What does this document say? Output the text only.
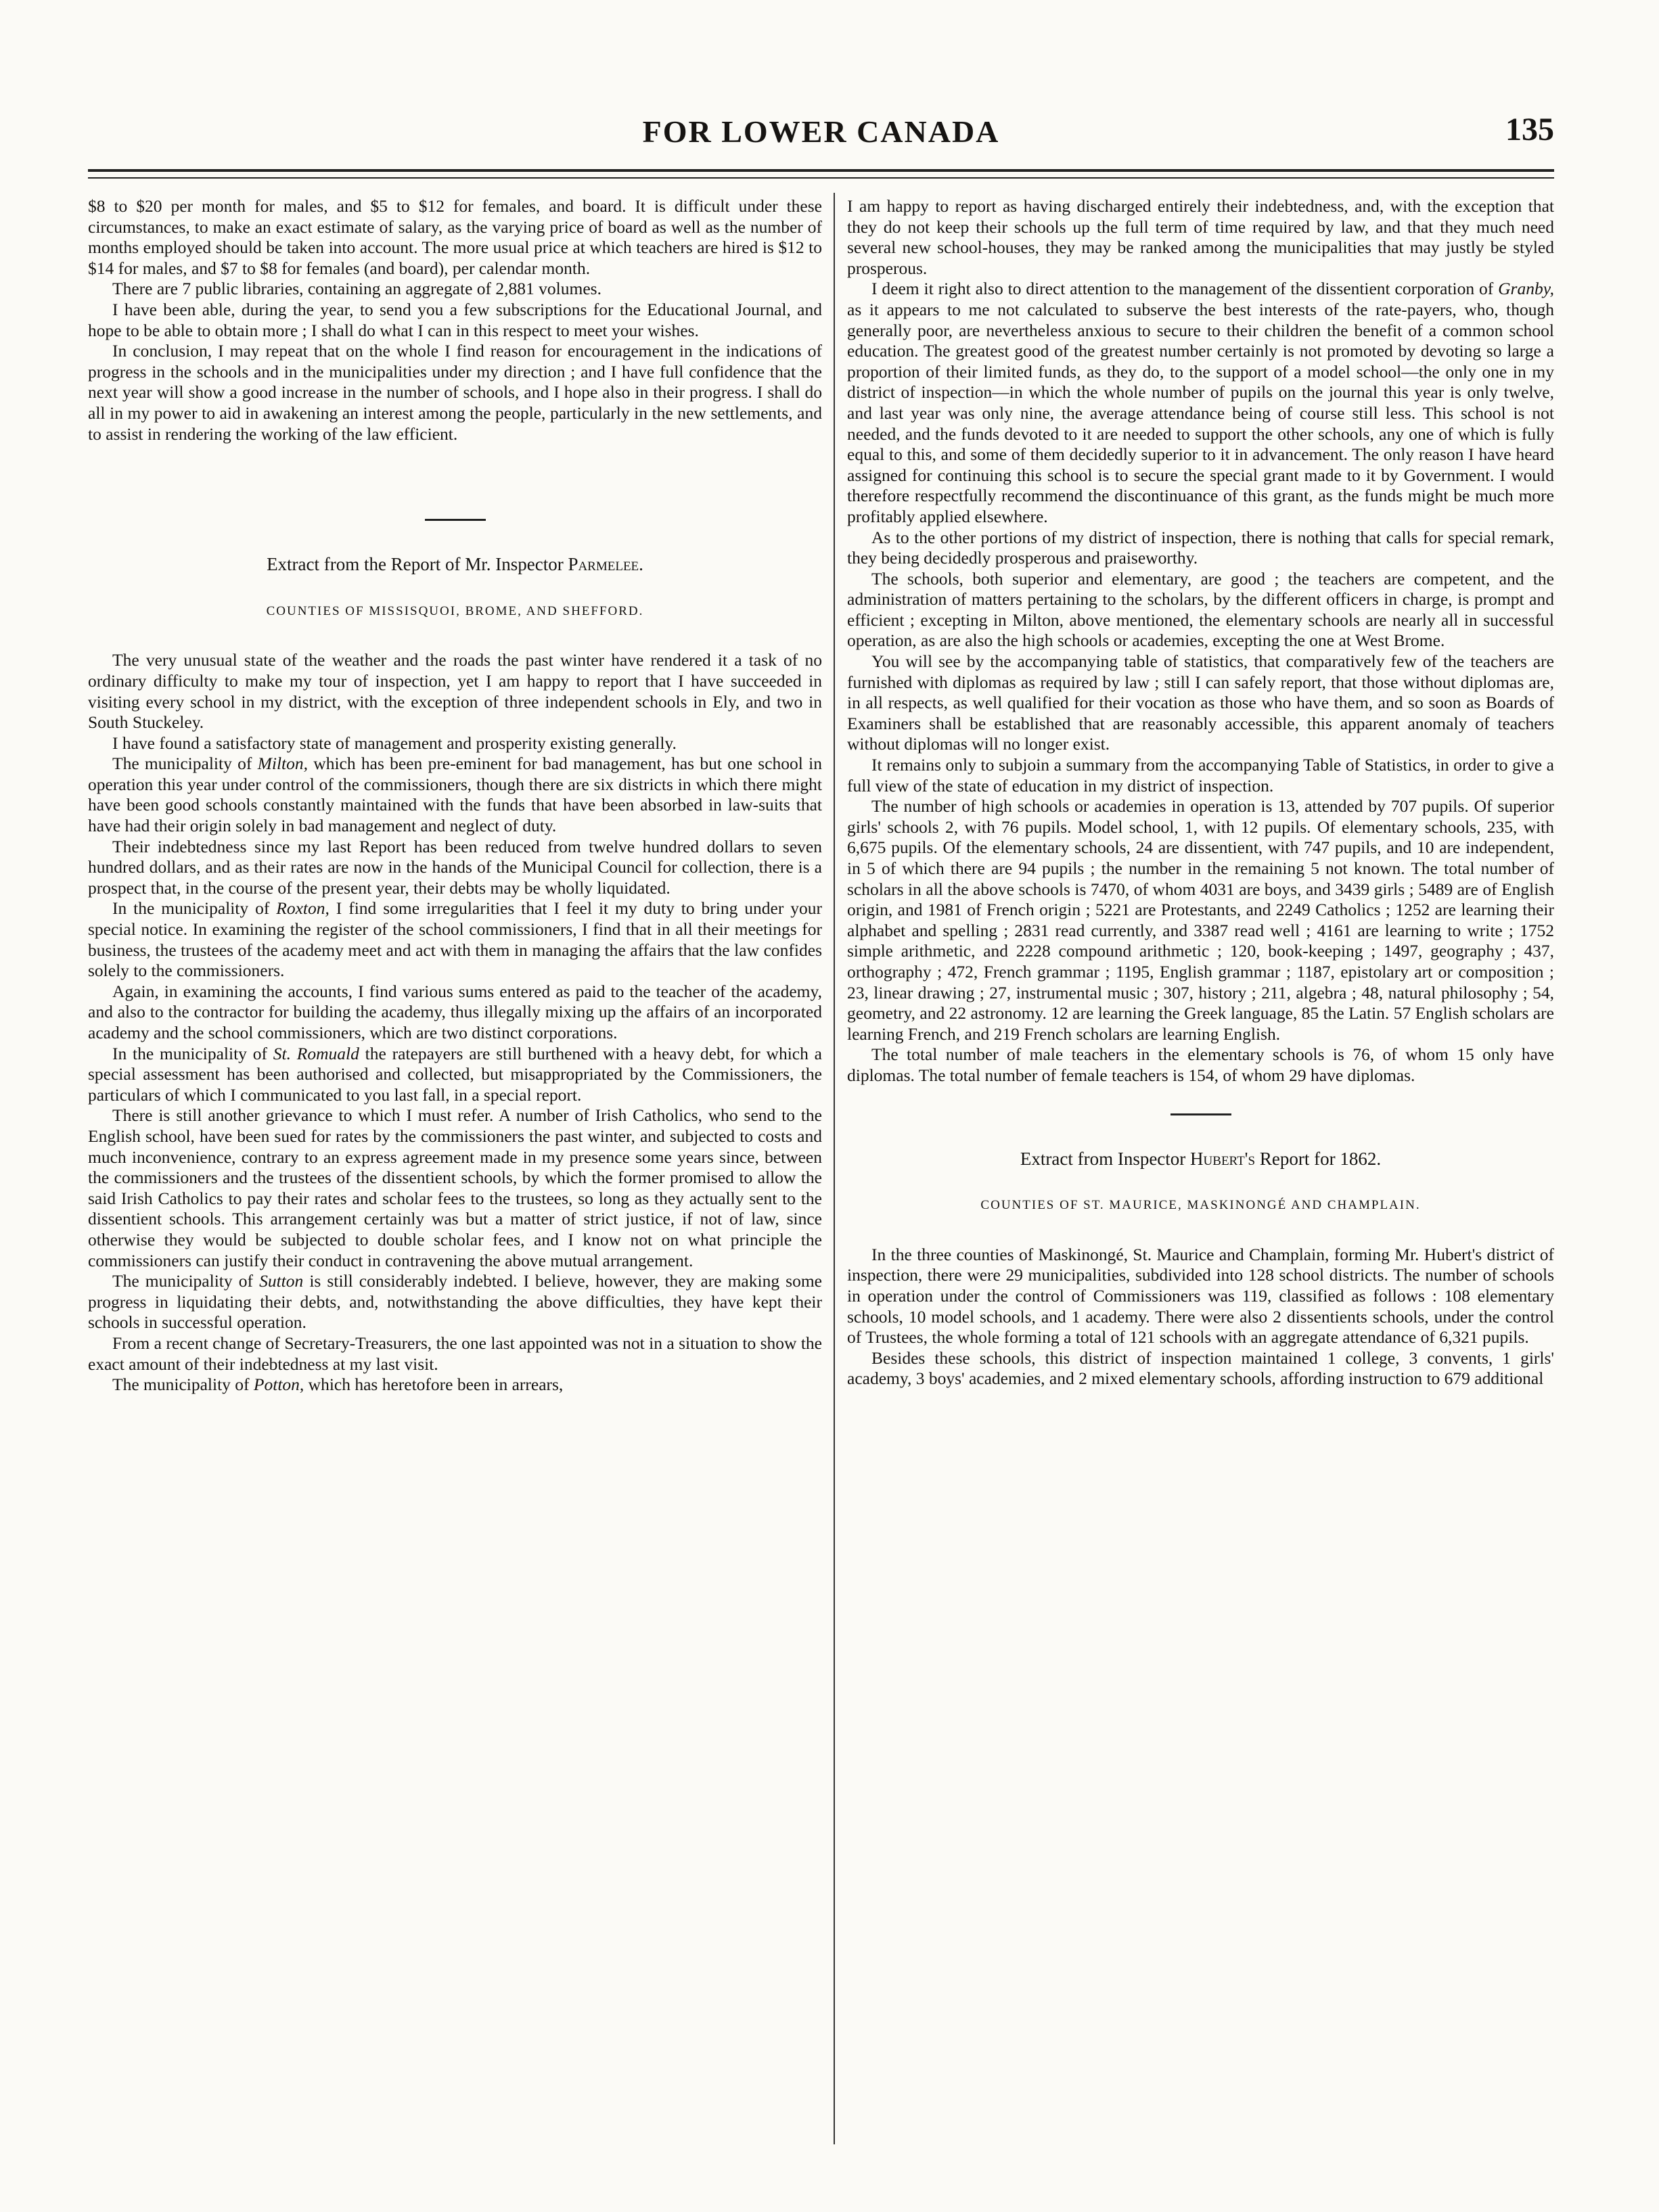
FOR LOWER CANADA	135

$8 to $20 per month for males, and $5 to $12 for females, and board. It is difficult under these circumstances, to make an exact estimate of salary, as the varying price of board as well as the number of months employed should be taken into account. The more usual price at which teachers are hired is $12 to $14 for males, and $7 to $8 for females (and board), per calendar month.

There are 7 public libraries, containing an aggregate of 2,881 volumes.

I have been able, during the year, to send you a few subscriptions for the Educational Journal, and hope to be able to obtain more ; I shall do what I can in this respect to meet your wishes.

In conclusion, I may repeat that on the whole I find reason for encouragement in the indications of progress in the schools and in the municipalities under my direction ; and I have full confidence that the next year will show a good increase in the number of schools, and I hope also in their progress. I shall do all in my power to aid in awakening an interest among the people, particularly in the new settlements, and to assist in rendering the working of the law efficient.

Extract from the Report of Mr. Inspector Parmelee.

COUNTIES OF MISSISQUOI, BROME, AND SHEFFORD.

The very unusual state of the weather and the roads the past winter have rendered it a task of no ordinary difficulty to make my tour of inspection, yet I am happy to report that I have succeeded in visiting every school in my district, with the exception of three independent schools in Ely, and two in South Stuckeley.

I have found a satisfactory state of management and prosperity existing generally.

The municipality of Milton, which has been pre-eminent for bad management, has but one school in operation this year under control of the commissioners, though there are six districts in which there might have been good schools constantly maintained with the funds that have been absorbed in law-suits that have had their origin solely in bad management and neglect of duty.

Their indebtedness since my last Report has been reduced from twelve hundred dollars to seven hundred dollars, and as their rates are now in the hands of the Municipal Council for collection, there is a prospect that, in the course of the present year, their debts may be wholly liquidated.

In the municipality of Roxton, I find some irregularities that I feel it my duty to bring under your special notice. In examining the register of the school commissioners, I find that in all their meetings for business, the trustees of the academy meet and act with them in managing the affairs that the law confides solely to the commissioners.

Again, in examining the accounts, I find various sums entered as paid to the teacher of the academy, and also to the contractor for building the academy, thus illegally mixing up the affairs of an incorporated academy and the school commissioners, which are two distinct corporations.

In the municipality of St. Romuald the ratepayers are still burthened with a heavy debt, for which a special assessment has been authorised and collected, but misappropriated by the Commissioners, the particulars of which I communicated to you last fall, in a special report.

There is still another grievance to which I must refer. A number of Irish Catholics, who send to the English school, have been sued for rates by the commissioners the past winter, and subjected to costs and much inconvenience, contrary to an express agreement made in my presence some years since, between the commissioners and the trustees of the dissentient schools, by which the former promised to allow the said Irish Catholics to pay their rates and scholar fees to the trustees, so long as they actually sent to the dissentient schools. This arrangement certainly was but a matter of strict justice, if not of law, since otherwise they would be subjected to double scholar fees, and I know not on what principle the commissioners can justify their conduct in contravening the above mutual arrangement.

The municipality of Sutton is still considerably indebted. I believe, however, they are making some progress in liquidating their debts, and, notwithstanding the above difficulties, they have kept their schools in successful operation.

From a recent change of Secretary-Treasurers, the one last appointed was not in a situation to show the exact amount of their indebtedness at my last visit.

The municipality of Potton, which has heretofore been in arrears,

I am happy to report as having discharged entirely their indebtedness, and, with the exception that they do not keep their schools up the full term of time required by law, and that they much need several new school-houses, they may be ranked among the municipalities that may justly be styled prosperous.

I deem it right also to direct attention to the management of the dissentient corporation of Granby, as it appears to me not calculated to subserve the best interests of the rate-payers, who, though generally poor, are nevertheless anxious to secure to their children the benefit of a common school education. The greatest good of the greatest number certainly is not promoted by devoting so large a proportion of their limited funds, as they do, to the support of a model school—the only one in my district of inspection—in which the whole number of pupils on the journal this year is only twelve, and last year was only nine, the average attendance being of course still less. This school is not needed, and the funds devoted to it are needed to support the other schools, any one of which is fully equal to this, and some of them decidedly superior to it in advancement. The only reason I have heard assigned for continuing this school is to secure the special grant made to it by Government. I would therefore respectfully recommend the discontinuance of this grant, as the funds might be much more profitably applied elsewhere.

As to the other portions of my district of inspection, there is nothing that calls for special remark, they being decidedly prosperous and praiseworthy.

The schools, both superior and elementary, are good ; the teachers are competent, and the administration of matters pertaining to the scholars, by the different officers in charge, is prompt and efficient ; excepting in Milton, above mentioned, the elementary schools are nearly all in successful operation, as are also the high schools or academies, excepting the one at West Brome.

You will see by the accompanying table of statistics, that comparatively few of the teachers are furnished with diplomas as required by law ; still I can safely report, that those without diplomas are, in all respects, as well qualified for their vocation as those who have them, and so soon as Boards of Examiners shall be established that are reasonably accessible, this apparent anomaly of teachers without diplomas will no longer exist.

It remains only to subjoin a summary from the accompanying Table of Statistics, in order to give a full view of the state of education in my district of inspection.

The number of high schools or academies in operation is 13, attended by 707 pupils. Of superior girls' schools 2, with 76 pupils. Model school, 1, with 12 pupils. Of elementary schools, 235, with 6,675 pupils. Of the elementary schools, 24 are dissentient, with 747 pupils, and 10 are independent, in 5 of which there are 94 pupils ; the number in the remaining 5 not known. The total number of scholars in all the above schools is 7470, of whom 4031 are boys, and 3439 girls ; 5489 are of English origin, and 1981 of French origin ; 5221 are Protestants, and 2249 Catholics ; 1252 are learning their alphabet and spelling ; 2831 read currently, and 3387 read well ; 4161 are learning to write ; 1752 simple arithmetic, and 2228 compound arithmetic ; 120, book-keeping ; 1497, geography ; 437, orthography ; 472, French grammar ; 1195, English grammar ; 1187, epistolary art or composition ; 23, linear drawing ; 27, instrumental music ; 307, history ; 211, algebra ; 48, natural philosophy ; 54, geometry, and 22 astronomy. 12 are learning the Greek language, 85 the Latin. 57 English scholars are learning French, and 219 French scholars are learning English.

The total number of male teachers in the elementary schools is 76, of whom 15 only have diplomas. The total number of female teachers is 154, of whom 29 have diplomas.

Extract from Inspector Hubert's Report for 1862.

COUNTIES OF ST. MAURICE, MASKINONGÉ AND CHAMPLAIN.

In the three counties of Maskinongé, St. Maurice and Champlain, forming Mr. Hubert's district of inspection, there were 29 municipalities, subdivided into 128 school districts. The number of schools in operation under the control of Commissioners was 119, classified as follows : 108 elementary schools, 10 model schools, and 1 academy. There were also 2 dissentients schools, under the control of Trustees, the whole forming a total of 121 schools with an aggregate attendance of 6,321 pupils.

Besides these schools, this district of inspection maintained 1 college, 3 convents, 1 girls' academy, 3 boys' academies, and 2 mixed elementary schools, affording instruction to 679 additional
